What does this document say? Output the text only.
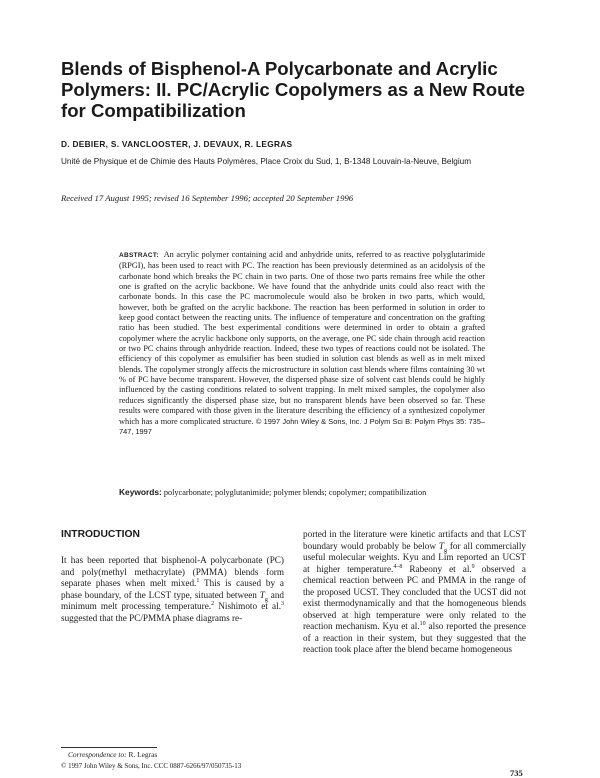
Blends of Bisphenol-A Polycarbonate and Acrylic Polymers: II. PC/Acrylic Copolymers as a New Route for Compatibilization
D. DEBIER, S. VANCLOOSTER, J. DEVAUX, R. LEGRAS
Unité de Physique et de Chimie des Hauts Polymères, Place Croix du Sud, 1, B-1348 Louvain-la-Neuve, Belgium
Received 17 August 1995; revised 16 September 1996; accepted 20 September 1996
ABSTRACT: An acrylic polymer containing acid and anhydride units, referred to as reactive polyglutarimide (RPGI), has been used to react with PC. The reaction has been previously determined as an acidolysis of the carbonate bond which breaks the PC chain in two parts. One of those two parts remains free while the other one is grafted on the acrylic backbone. We have found that the anhydride units could also react with the carbonate bonds. In this case the PC macromolecule would also be broken in two parts, which would, however, both be grafted on the acrylic backbone. The reaction has been performed in solution in order to keep good contact between the reacting units. The influence of temperature and concentration on the grafting ratio has been studied. The best experimental conditions were determined in order to obtain a grafted copolymer where the acrylic backbone only supports, on the average, one PC side chain through acid reaction or two PC chains through anhydride reaction. Indeed, these two types of reactions could not be isolated. The efficiency of this copolymer as emulsifier has been studied in solution cast blends as well as in melt mixed blends. The copolymer strongly affects the microstructure in solution cast blends where films containing 30 wt % of PC have become transparent. However, the dispersed phase size of solvent cast blends could be highly influenced by the casting conditions related to solvent trapping. In melt mixed samples, the copolymer also reduces significantly the dispersed phase size, but no transparent blends have been observed so far. These results were compared with those given in the literature describing the efficiency of a synthesized copolymer which has a more complicated structure. © 1997 John Wiley & Sons, Inc. J Polym Sci B: Polym Phys 35: 735–747, 1997
Keywords: polycarbonate; polyglutanimide; polymer blends; copolymer; compatibilization
INTRODUCTION
It has been reported that bisphenol-A polycarbonate (PC) and poly(methyl methacrylate) (PMMA) blends form separate phases when melt mixed.$^1$ This is caused by a phase boundary, of the LCST type, situated between $T_g$ and minimum melt processing temperature.$^2$ Nishimoto et al.$^3$ suggested that the PC/PMMA phase diagrams re-
ported in the literature were kinetic artifacts and that LCST boundary would probably be below $T_g$ for all commercially useful molecular weights. Kyu and Lim reported an UCST at higher temperature.$^{4-8}$ Rabeony et al.$^9$ observed a chemical reaction between PC and PMMA in the range of the proposed UCST. They concluded that the UCST did not exist thermodynamically and that the homogeneous blends observed at high temperature were only related to the reaction mechanism. Kyu et al.$^{10}$ also reported the presence of a reaction in their system, but they suggested that the reaction took place after the blend became homogeneous
Correspondence to: R. Legras
© 1997 John Wiley & Sons, Inc. CCC 0887-6266/97/050735-13
735
